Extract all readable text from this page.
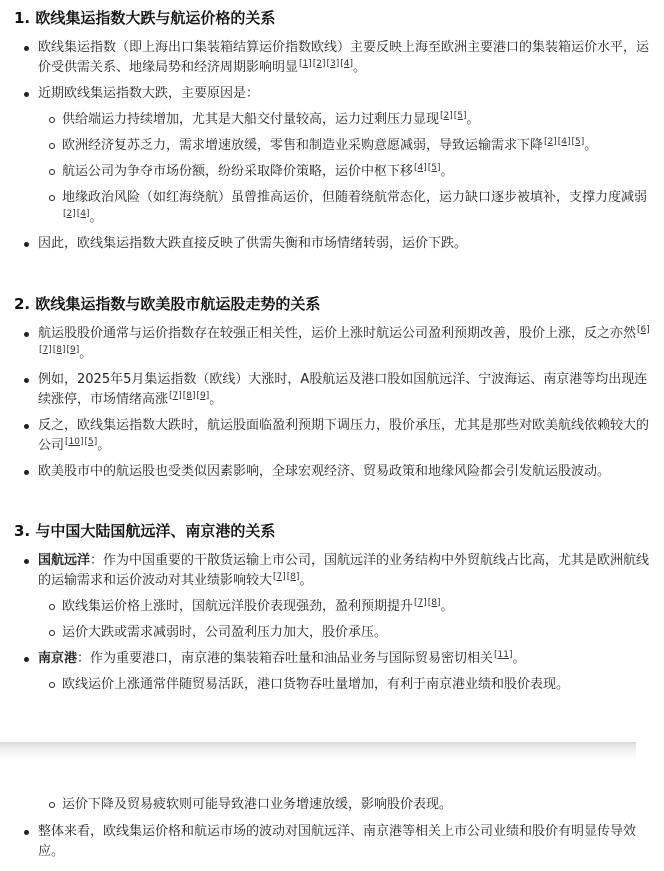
1. 欧线集运指数大跌与航运价格的关系
欧线集运指数（即上海出口集装箱结算运价指数欧线）主要反映上海至欧洲主要港口的集装箱运价水平，运价受供需关系、地缘局势和经济周期影响明显[1][2][3][4]。
近期欧线集运指数大跌，主要原因是：
供给端运力持续增加，尤其是大船交付量较高，运力过剩压力显现[2][5]。
欧洲经济复苏乏力，需求增速放缓，零售和制造业采购意愿减弱，导致运输需求下降[2][4][5]。
航运公司为争夺市场份额，纷纷采取降价策略，运价中枢下移[4][5]。
地缘政治风险（如红海绕航）虽曾推高运价，但随着绕航常态化，运力缺口逐步被填补，支撑力度减弱[2][4]。
因此，欧线集运指数大跌直接反映了供需失衡和市场情绪转弱，运价下跌。
2. 欧线集运指数与欧美股市航运股走势的关系
航运股股价通常与运价指数存在较强正相关性，运价上涨时航运公司盈利预期改善，股价上涨，反之亦然[6][7][8][9]。
例如，2025年5月集运指数（欧线）大涨时，A股航运及港口股如国航远洋、宁波海运、南京港等均出现连续涨停，市场情绪高涨[7][8][9]。
反之，欧线集运指数大跌时，航运股面临盈利预期下调压力，股价承压，尤其是那些对欧美航线依赖较大的公司[10][5]。
欧美股市中的航运股也受类似因素影响，全球宏观经济、贸易政策和地缘风险都会引发航运股波动。
3. 与中国大陆国航远洋、南京港的关系
国航远洋：作为中国重要的干散货运输上市公司，国航远洋的业务结构中外贸航线占比高，尤其是欧洲航线的运输需求和运价波动对其业绩影响较大[7][8]。
欧线集运价格上涨时，国航远洋股价表现强劲，盈利预期提升[7][8]。
运价大跌或需求减弱时，公司盈利压力加大，股价承压。
南京港：作为重要港口，南京港的集装箱吞吐量和油品业务与国际贸易密切相关[11]。
欧线运价上涨通常伴随贸易活跃，港口货物吞吐量增加，有利于南京港业绩和股价表现。
运价下降及贸易疲软则可能导致港口业务增速放缓，影响股价表现。
整体来看，欧线集运价格和航运市场的波动对国航远洋、南京港等相关上市公司业绩和股价有明显传导效应。
